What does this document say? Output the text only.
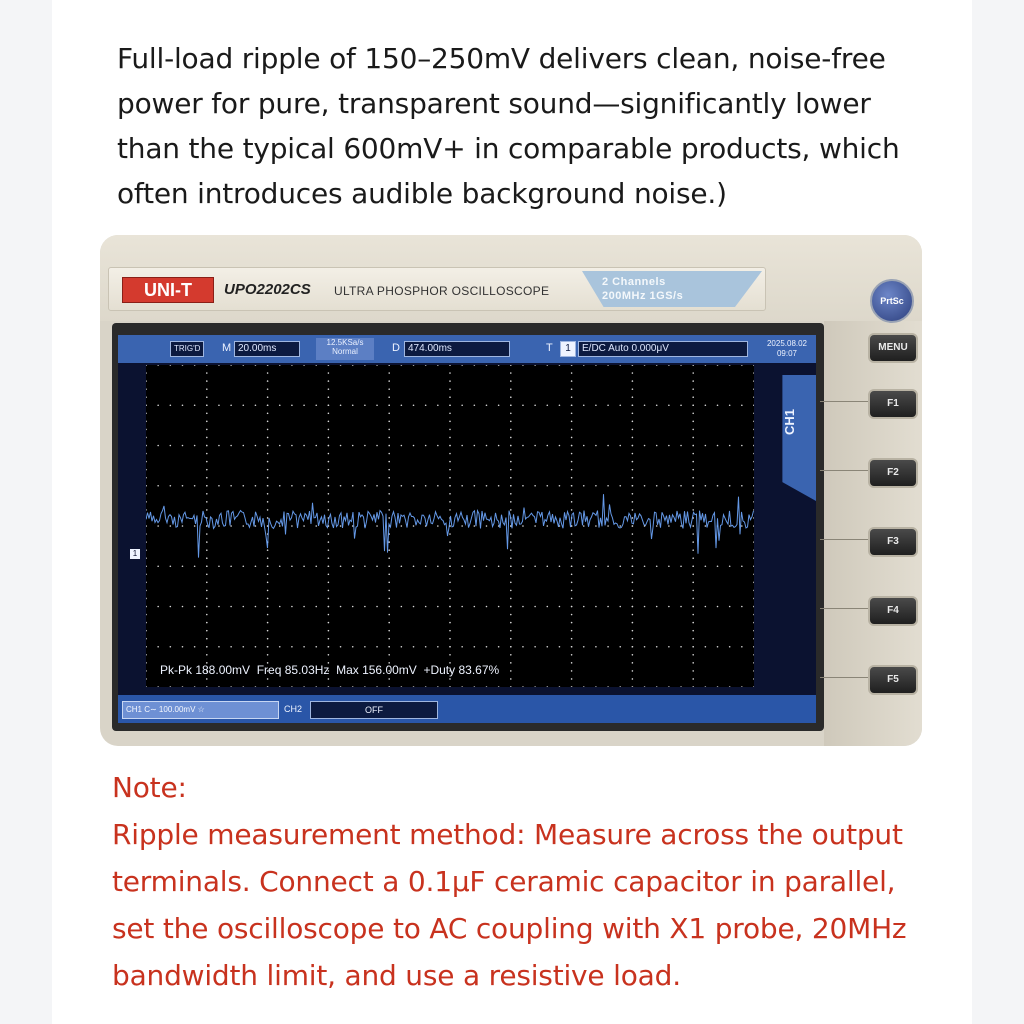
Full-load ripple of 150–250mV delivers clean, noise-free
power for pure, transparent sound—significantly lower
than the typical 600mV+ in comparable products, which
often introduces audible background noise.)
UNI-T	UPO2202CS ULTRA PHOSPHOR OSCILLOSCOPE
2 Channels
200MHz 1GS/s	PrtSc
MENU
F1
F2
F3
F4
F5
TRIG'D	M 20.00ms
12.5KSa/s
Normal	D 474.00ms	T	1	E/DC Auto 0.000μV	2025.08.02
09:07
Pk-Pk 188.00mV  Freq 85.03Hz  Max 156.00mV  +Duty 83.67%
1
CH1
CH1 C∼ 100.00mV ☆	CH2	OFF
Note:
Ripple measurement method: Measure across the output
terminals. Connect a 0.1μF ceramic capacitor in parallel,
set the oscilloscope to AC coupling with X1 probe, 20MHz
bandwidth limit, and use a resistive load.
